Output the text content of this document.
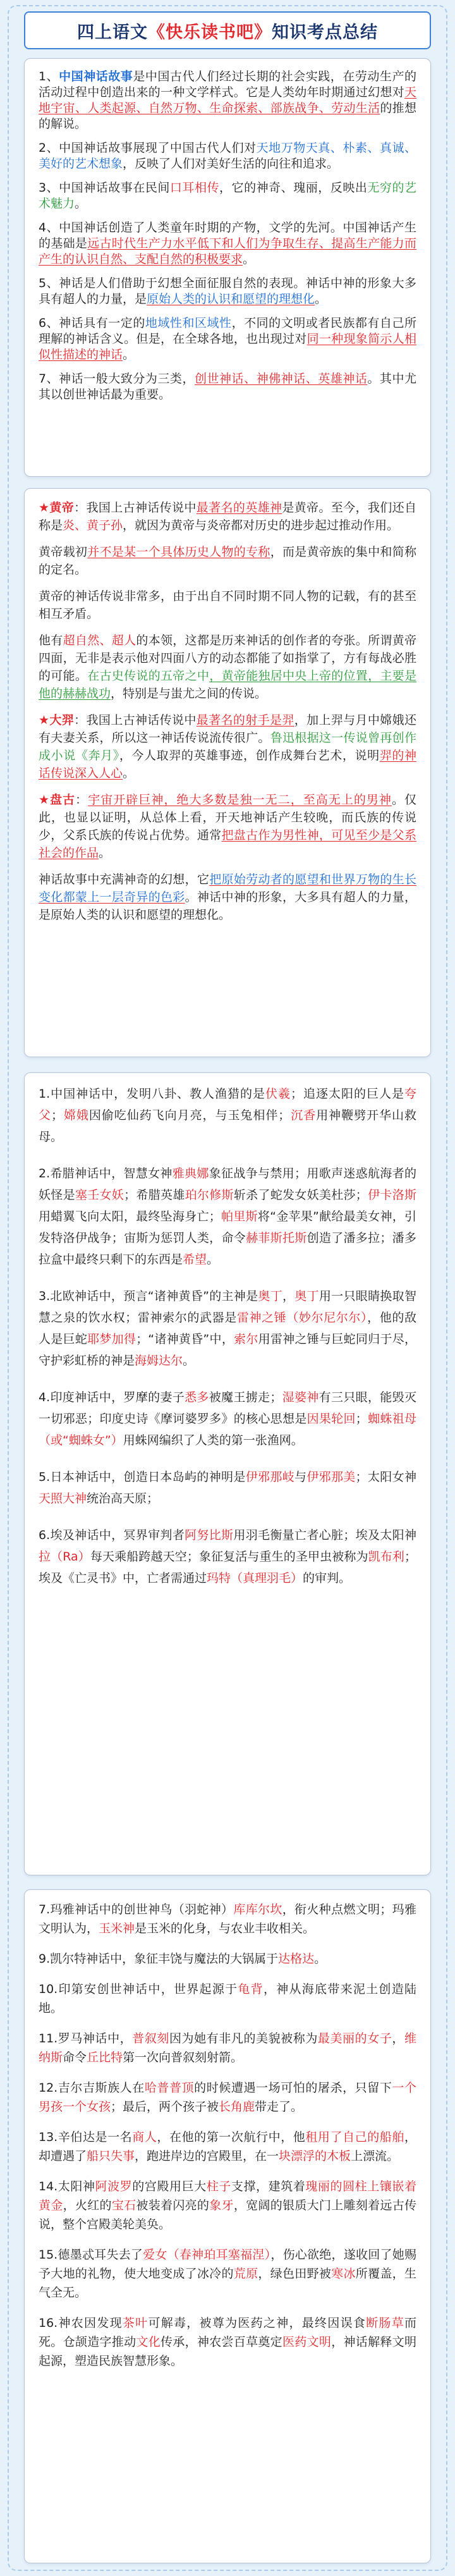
四上语文 《快乐读书吧》 知识考点总结

1、中国神话故事是中国古代人们经过长期的社会实践，在劳动生产的活动过程中创造出来的一种文学样式。它是人类幼年时期通过幻想对天地宇宙、人类起源、自然万物、生命探索、部族战争、劳动生活的推想的解说。

2、中国神话故事展现了中国古代人们对天地万物天真、朴素、真诚、美好的艺术想象，反映了人们对美好生活的向往和追求。

3、中国神话故事在民间口耳相传，它的神奇、瑰丽，反映出无穷的艺术魅力。

4、中国神话创造了人类童年时期的产物，文学的先河。中国神话产生的基础是远古时代生产力水平低下和人们为争取生存、提高生产能力而产生的认识自然、支配自然的积极要求。

5、神话是人们借助于幻想全面征服自然的表现。神话中神的形象大多具有超人的力量，是原始人类的认识和愿望的理想化。

6、神话具有一定的地域性和区域性，不同的文明或者民族都有自己所理解的神话含义。但是，在全球各地，也出现过对同一种现象简示人相似性描述的神话。

7、神话一般大致分为三类，创世神话、神佛神话、英雄神话。其中尤其以创世神话最为重要。

★黄帝：我国上古神话传说中最著名的英雄神是黄帝。至今，我们还自称是炎、黄子孙，就因为黄帝与炎帝都对历史的进步起过推动作用。

黄帝载初并不是某一个具体历史人物的专称，而是黄帝族的集中和简称的定名。

黄帝的神话传说非常多，由于出自不同时期不同人物的记载，有的甚至相互矛盾。

他有超自然、超人的本领，这都是历来神话的创作者的夸张。所谓黄帝四面，无非是表示他对四面八方的动态都能了如指掌了，方有每战必胜的可能。在古史传说的五帝之中，黄帝能独居中央上帝的位置，主要是他的赫赫战功，特别是与蚩尤之间的传说。

★大羿：我国上古神话传说中最著名的射手是羿，加上羿与月中嫦娥还有夫妻关系，所以这一神话传说流传很广。鲁迅根据这一传说曾再创作成小说《奔月》，今人取羿的英雄事迹，创作成舞台艺术，说明羿的神话传说深入人心。

★盘古：宇宙开辟巨神，绝大多数是独一无二，至高无上的男神。仅此，也显以证明，从总体上看，开天地神话产生较晚，而氏族的传说少，父系氏族的传说占优势。通常把盘古作为男性神，可见至少是父系社会的作品。

神话故事中充满神奇的幻想，它把原始劳动者的愿望和世界万物的生长变化都蒙上一层奇异的色彩。神话中神的形象，大多具有超人的力量，是原始人类的认识和愿望的理想化。

1.中国神话中，发明八卦、教人渔猎的是伏羲；追逐太阳的巨人是夸父；嫦娥因偷吃仙药飞向月亮，与玉兔相伴；沉香用神鞭劈开华山救母。

2.希腊神话中，智慧女神雅典娜象征战争与禁用；用歌声迷惑航海者的妖怪是塞壬女妖；希腊英雄珀尔修斯斩杀了蛇发女妖美杜莎；伊卡洛斯用蜡翼飞向太阳，最终坠海身亡；帕里斯将“金苹果”献给最美女神，引发特洛伊战争；宙斯为惩罚人类，命令赫菲斯托斯创造了潘多拉；潘多拉盒中最终只剩下的东西是希望。

3.北欧神话中，预言“诸神黄昏”的主神是奥丁，奥丁用一只眼睛换取智慧之泉的饮水权；雷神索尔的武器是雷神之锤（妙尔尼尔尔），他的敌人是巨蛇耶梦加得；“诸神黄昏”中，索尔用雷神之锤与巨蛇同归于尽，守护彩虹桥的神是海姆达尔。

4.印度神话中，罗摩的妻子悉多被魔王掳走；湿婆神有三只眼，能毁灭一切邪恶；印度史诗《摩诃婆罗多》的核心思想是因果轮回；蜘蛛祖母（或“蜘蛛女”）用蛛网编织了人类的第一张渔网。

5.日本神话中，创造日本岛屿的神明是伊邪那岐与伊邪那美；太阳女神天照大神统治高天原；

6.埃及神话中，冥界审判者阿努比斯用羽毛衡量亡者心脏；埃及太阳神拉（Ra）每天乘船跨越天空；象征复活与重生的圣甲虫被称为凯布利；埃及《亡灵书》中，亡者需通过玛特（真理羽毛）的审判。

7.玛雅神话中的创世神鸟（羽蛇神）库库尔坎，衔火种点燃文明；玛雅文明认为，玉米神是玉米的化身，与农业丰收相关。

9.凯尔特神话中，象征丰饶与魔法的大锅属于达格达。

10.印第安创世神话中，世界起源于龟背，神从海底带来泥土创造陆地。

11.罗马神话中，普叙刻因为她有非凡的美貌被称为最美丽的女子，维纳斯命令丘比特第一次向普叙刻射箭。

12.吉尔吉斯族人在哈普普顶的时候遭遇一场可怕的屠杀，只留下一个男孩一个女孩；最后，两个孩子被长角鹿带走了。

13.辛伯达是一名商人，在他的第一次航行中，他租用了自己的船舶，却遭遇了船只失事，跑进岸边的宫殿里，在一块漂浮的木板上漂流。

14.太阳神阿波罗的宫殿用巨大柱子支撑，建筑着瑰丽的圆柱上镶嵌着黄金，火红的宝石被装着闪亮的象牙，宽阔的银质大门上雕刻着远古传说，整个宫殿美轮美奂。

15.德墨忒耳失去了爱女（春神珀耳塞福涅），伤心欲绝，遂收回了她赐予大地的礼物，使大地变成了冰冷的荒原，绿色田野被寒冰所覆盖，生气全无。

16.神农因发现茶叶可解毒，被尊为医药之神，最终因误食断肠草而死。仓颉造字推动文化传承，神农尝百草奠定医药文明，神话解释文明起源，塑造民族智慧形象。
